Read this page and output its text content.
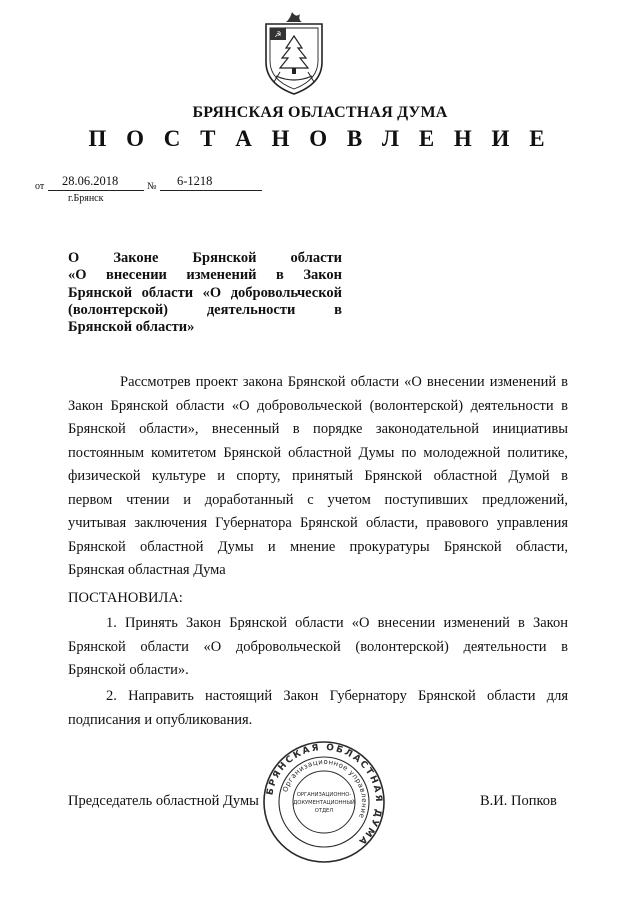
☭
БРЯНСКАЯ ОБЛАСТНАЯ ДУМА
П О С Т А Н О В Л Е Н И Е
от 28.06.2018	№ 6-1218
г.Брянск
О Законе Брянской области
«О внесении изменений в Закон
Брянской области «О добровольческой
(волонтерской) деятельности в
Брянской области»
Рассмотрев проект закона Брянской области «О внесении изменений в
Закон Брянской области «О добровольческой (волонтерской) деятельности в
Брянской области», внесенный в порядке законодательной инициативы
постоянным комитетом Брянской областной Думы по молодежной политике,
физической культуре и спорту, принятый Брянской областной Думой в
первом чтении и доработанный с учетом поступивших предложений,
учитывая заключения Губернатора Брянской области, правового управления
Брянской областной Думы и мнение прокуратуры Брянской области,
Брянская областная Дума
ПОСТАНОВИЛА:
1. Принять Закон Брянской области «О внесении изменений в Закон
Брянской области «О добровольческой (волонтерской) деятельности в
Брянской области».
2. Направить настоящий Закон Губернатору Брянской области для
подписания и опубликования.
Председатель областной Думы	В.И. Попков
БРЯНСКАЯ ОБЛАСТНАЯ ДУМА
Организационное управление
ОРГАНИЗАЦИОННО-
ДОКУМЕНТАЦИОННЫЙ
ОТДЕЛ
